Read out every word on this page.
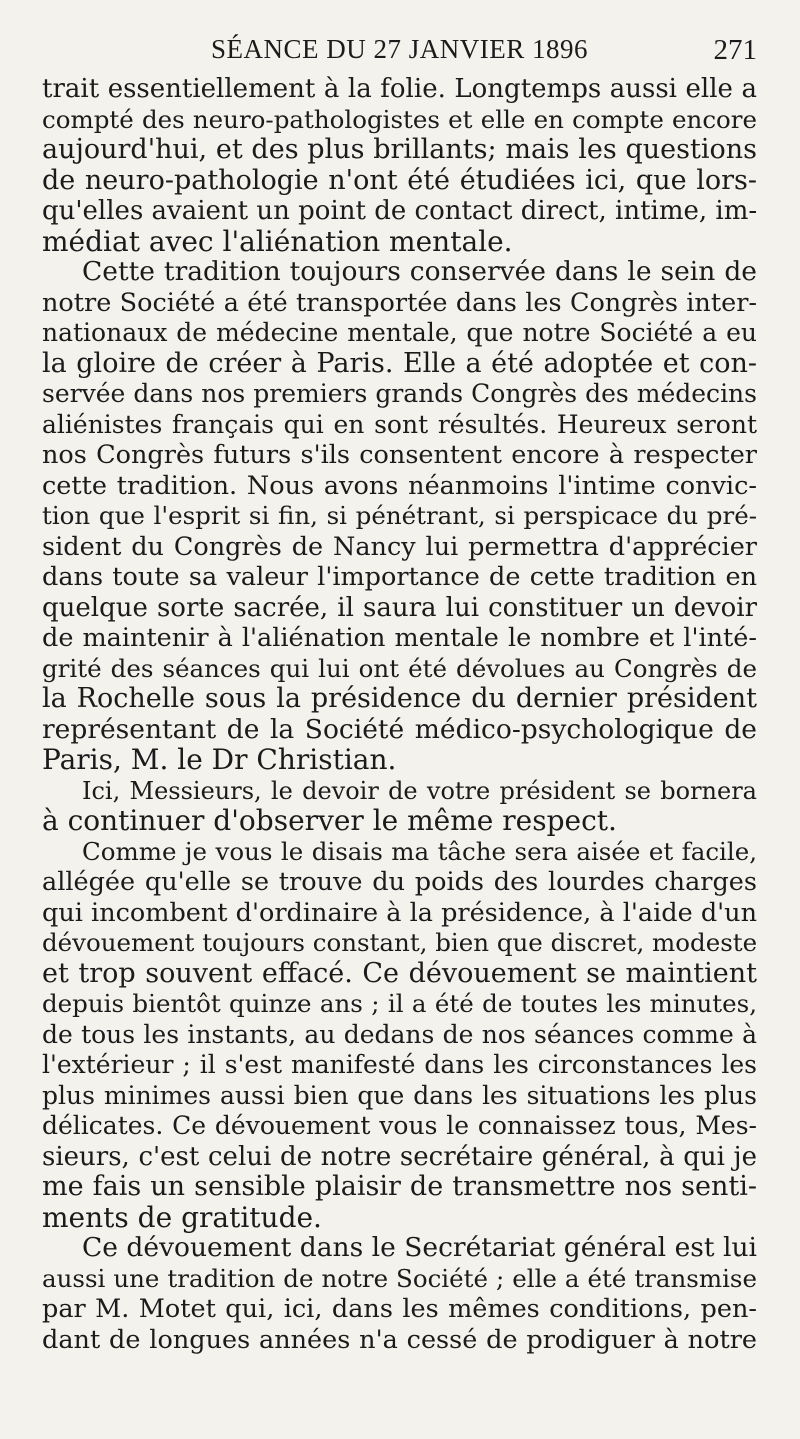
SÉANCE DU 27 JANVIER 1896	271
trait essentiellement à la folie. Longtemps aussi elle a
compté des neuro-pathologistes et elle en compte encore
aujourd'hui, et des plus brillants; mais les questions
de neuro-pathologie n'ont été étudiées ici, que lors-
qu'elles avaient un point de contact direct, intime, im-
médiat avec l'aliénation mentale.
Cette tradition toujours conservée dans le sein de
notre Société a été transportée dans les Congrès inter-
nationaux de médecine mentale, que notre Société a eu
la gloire de créer à Paris. Elle a été adoptée et con-
servée dans nos premiers grands Congrès des médecins
aliénistes français qui en sont résultés. Heureux seront
nos Congrès futurs s'ils consentent encore à respecter
cette tradition. Nous avons néanmoins l'intime convic-
tion que l'esprit si fin, si pénétrant, si perspicace du pré-
sident du Congrès de Nancy lui permettra d'apprécier
dans toute sa valeur l'importance de cette tradition en
quelque sorte sacrée, il saura lui constituer un devoir
de maintenir à l'aliénation mentale le nombre et l'inté-
grité des séances qui lui ont été dévolues au Congrès de
la Rochelle sous la présidence du dernier président
représentant de la Société médico-psychologique de
Paris, M. le Dr Christian.
Ici, Messieurs, le devoir de votre président se bornera
à continuer d'observer le même respect.
Comme je vous le disais ma tâche sera aisée et facile,
allégée qu'elle se trouve du poids des lourdes charges
qui incombent d'ordinaire à la présidence, à l'aide d'un
dévouement toujours constant, bien que discret, modeste
et trop souvent effacé. Ce dévouement se maintient
depuis bientôt quinze ans ; il a été de toutes les minutes,
de tous les instants, au dedans de nos séances comme à
l'extérieur ; il s'est manifesté dans les circonstances les
plus minimes aussi bien que dans les situations les plus
délicates. Ce dévouement vous le connaissez tous, Mes-
sieurs, c'est celui de notre secrétaire général, à qui je
me fais un sensible plaisir de transmettre nos senti-
ments de gratitude.
Ce dévouement dans le Secrétariat général est lui
aussi une tradition de notre Société ; elle a été transmise
par M. Motet qui, ici, dans les mêmes conditions, pen-
dant de longues années n'a cessé de prodiguer à notre
